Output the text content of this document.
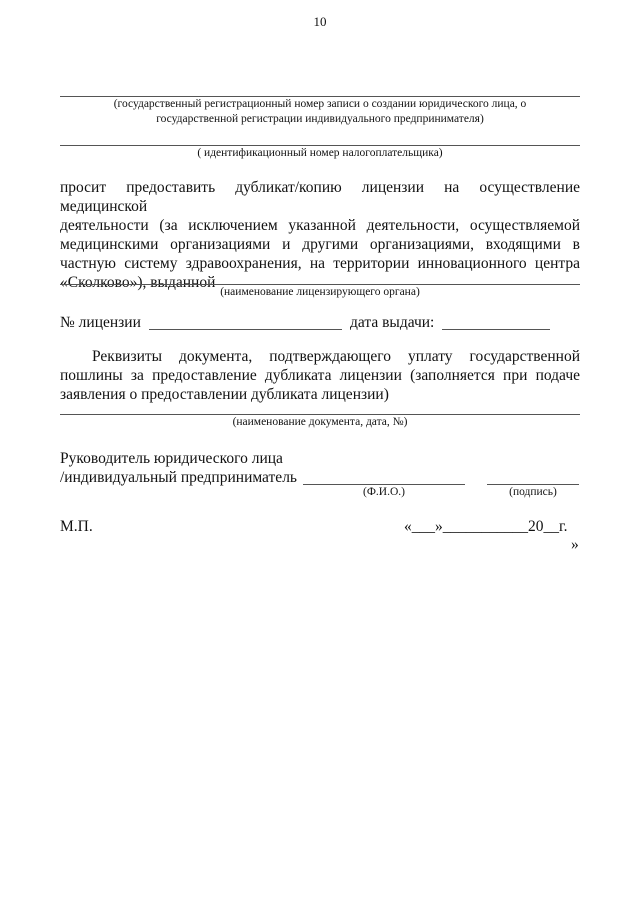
10
(государственный регистрационный номер записи о создании юридического лица, о
государственной регистрации индивидуального предпринимателя)
( идентификационный номер налогоплательщика)
просит предоставить дубликат/копию лицензии на осуществление медицинской
деятельности (за исключением указанной деятельности, осуществляемой
медицинскими организациями и другими организациями, входящими в
частную систему здравоохранения, на территории инновационного центра
«Сколково»), выданной
(наименование лицензирующего органа)
№ лицензии	дата выдачи:
Реквизиты документа, подтверждающего уплату государственной
пошлины за предоставление дубликата лицензии (заполняется при подаче
заявления о предоставлении дубликата лицензии)
(наименование документа, дата, №)
Руководитель юридического лица
/индивидуальный предприниматель
(Ф.И.О.)	(подпись)
М.П.	«___»___________20__г.
»
